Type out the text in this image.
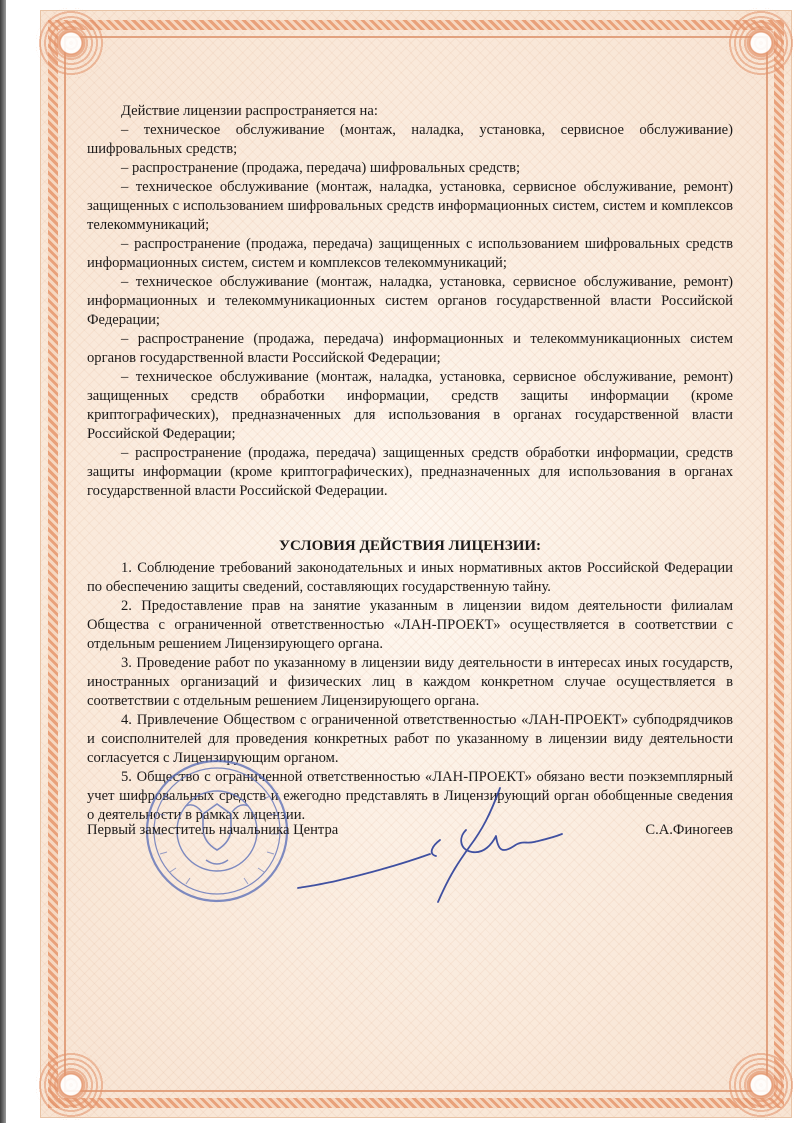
Действие лицензии распространяется на:

– техническое обслуживание (монтаж, наладка, установка, сервисное обслуживание) шифровальных средств;

– распространение (продажа, передача) шифровальных средств;

– техническое обслуживание (монтаж, наладка, установка, сервисное обслуживание, ремонт) защищенных с использованием шифровальных средств информационных систем, систем и комплексов телекоммуникаций;

– распространение (продажа, передача) защищенных с использованием шифровальных средств информационных систем, систем и комплексов телекоммуникаций;

– техническое обслуживание (монтаж, наладка, установка, сервисное обслуживание, ремонт) информационных и телекоммуникационных систем органов государственной власти Российской Федерации;

– распространение (продажа, передача) информационных и телекоммуникационных систем органов государственной власти Российской Федерации;

– техническое обслуживание (монтаж, наладка, установка, сервисное обслуживание, ремонт) защищенных средств обработки информации, средств защиты информации (кроме криптографических), предназначенных для использования в органах государственной власти Российской Федерации;

– распространение (продажа, передача) защищенных средств обработки информации, средств защиты информации (кроме криптографических), предназначенных для использования в органах государственной власти Российской Федерации.

УСЛОВИЯ ДЕЙСТВИЯ ЛИЦЕНЗИИ:

1. Соблюдение требований законодательных и иных нормативных актов Российской Федерации по обеспечению защиты сведений, составляющих государственную тайну.

2. Предоставление прав на занятие указанным в лицензии видом деятельности филиалам Общества с ограниченной ответственностью «ЛАН-ПРОЕКТ» осуществляется в соответствии с отдельным решением Лицензирующего органа.

3. Проведение работ по указанному в лицензии виду деятельности в интересах иных государств, иностранных организаций и физических лиц в каждом конкретном случае осуществляется в соответствии с отдельным решением Лицензирующего органа.

4. Привлечение Обществом с ограниченной ответственностью «ЛАН-ПРОЕКТ» субподрядчиков и соисполнителей для проведения конкретных работ по указанному в лицензии виду деятельности согласуется с Лицензирующим органом.

5. Общество с ограниченной ответственностью «ЛАН-ПРОЕКТ» обязано вести поэкземплярный учет шифровальных средств и ежегодно представлять в Лицензирующий орган обобщенные сведения о деятельности в рамках лицензии.

Первый заместитель начальника Центра	С.А.Финогеев
